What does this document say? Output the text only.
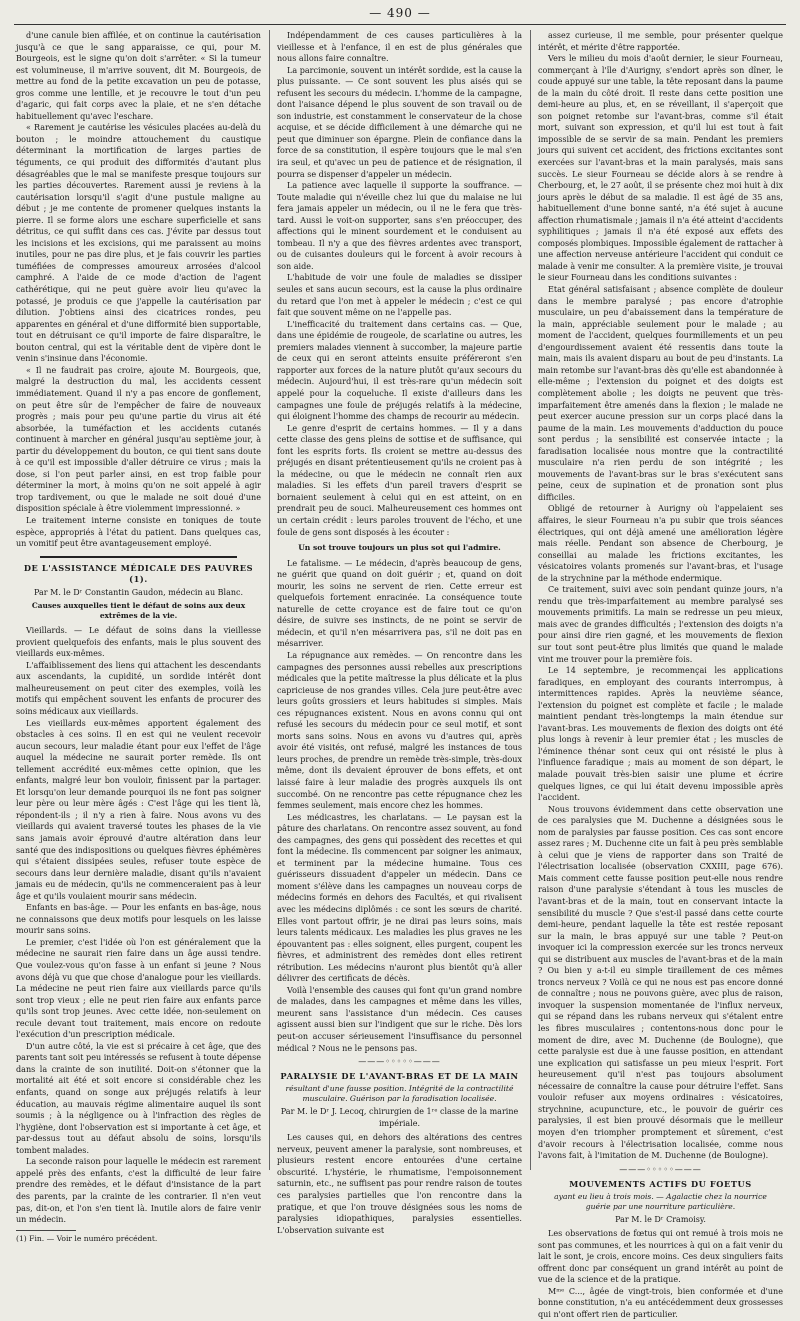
— 490 —

d'une canule bien affilée, et on continue la cautérisation jusqu'à ce que le sang apparaisse, ce qui, pour M. Bourgeois, est le signe qu'on doit s'arrêter. « Si la tumeur est volumineuse, il m'arrive souvent, dit M. Bourgeois, de mettre au fond de la petite excavation un peu de potasse, gros comme une lentille, et je recouvre le tout d'un peu d'agaric, qui fait corps avec la plaie, et ne s'en détache habituellement qu'avec l'eschare.

« Rarement je cautérise les vésicules placées au-delà du bouton ; le moindre attouchement du caustique déterminant la mortification de larges parties de téguments, ce qui produit des difformités d'autant plus désagréables que le mal se manifeste presque toujours sur les parties découvertes. Rarement aussi je reviens à la cautérisation lorsqu'il s'agit d'une pustule maligne au début ; je me contente de promener quelques instants la pierre. Il se forme alors une eschare superficielle et sans détritus, ce qui suffit dans ces cas. J'évite par dessus tout les incisions et les excisions, qui me paraissent au moins inutiles, pour ne pas dire plus, et je fais couvrir les parties tuméfiées de compresses amoureux arrosées d'alcool camphré. A l'aide de ce mode d'action de l'agent cathérétique, qui ne peut guère avoir lieu qu'avec la potassé, je produis ce que j'appelle la cautérisation par dilution. J'obtiens ainsi des cicatrices rondes, peu apparentes en général et d'une difformité bien supportable, tout en détruisant ce qu'il importe de faire disparaître, le bouton central, qui est la véritable dent de vipère dont le venin s'insinue dans l'économie.

« Il ne faudrait pas croire, ajoute M. Bourgeois, que, malgré la destruction du mal, les accidents cessent immédiatement. Quand il n'y a pas encore de gonflement, on peut être sûr de l'empêcher de faire de nouveaux progrès ; mais pour peu qu'une partie du virus ait été absorbée, la tuméfaction et les accidents cutanés continuent à marcher en général jusqu'au septième jour, à partir du développement du bouton, ce qui tient sans doute à ce qu'il est impossible d'aller détruire ce virus ; mais la dose, si l'on peut parler ainsi, en est trop faible pour déterminer la mort, à moins qu'on ne soit appelé à agir trop tardivement, ou que le malade ne soit doué d'une disposition spéciale à être violemment impressionné. »

Le traitement interne consiste en toniques de toute espèce, appropriés à l'état du patient. Dans quelques cas, un vomitif peut être avantageusement employé.

DE L'ASSISTANCE MÉDICALE DES PAUVRES (1).
Par M. le Dʳ Constantin Gaudon, médecin au Blanc.
Causes auxquelles tient le défaut de soins aux deux extrêmes de la vie.

Vieillards. — Le défaut de soins dans la vieillesse provient quelquefois des enfants, mais le plus souvent des vieillards eux-mêmes.

L'affaiblissement des liens qui attachent les descendants aux ascendants, la cupidité, un sordide intérêt dont malheureusement on peut citer des exemples, voilà les motifs qui empêchent souvent les enfants de procurer des soins médicaux aux vieillards.

Les vieillards eux-mêmes apportent également des obstacles à ces soins. Il en est qui ne veulent recevoir aucun secours, leur maladie étant pour eux l'effet de l'âge auquel la médecine ne saurait porter remède. Ils ont tellement accrédité eux-mêmes cette opinion, que les enfants, malgré leur bon vouloir, finissent par la partager. Et lorsqu'on leur demande pourquoi ils ne font pas soigner leur père ou leur mère âgés : C'est l'âge qui les tient là, répondent-ils ; il n'y a rien à faire. Nous avons vu des vieillards qui avaient traversé toutes les phases de la vie sans jamais avoir éprouvé d'autre altération dans leur santé que des indispositions ou quelques fièvres éphémères qui s'étaient dissipées seules, refuser toute espèce de secours dans leur dernière maladie, disant qu'ils n'avaient jamais eu de médecin, qu'ils ne commenceraient pas à leur âge et qu'ils voulaient mourir sans médecin.

Enfants en bas-âge. — Pour les enfants en bas-âge, nous ne connaissons que deux motifs pour lesquels on les laisse mourir sans soins.

Le premier, c'est l'idée où l'on est généralement que la médecine ne saurait rien faire dans un âge aussi tendre. Que voulez-vous qu'on fasse à un enfant si jeune ? Nous avons déjà vu que que chose d'analogue pour les vieillards. La médecine ne peut rien faire aux vieillards parce qu'ils sont trop vieux ; elle ne peut rien faire aux enfants parce qu'ils sont trop jeunes. Avec cette idée, non-seulement on recule devant tout traitement, mais encore on redoute l'exécution d'un prescription médicale.

D'un autre côté, la vie est si précaire à cet âge, que des parents tant soit peu intéressés se refusent à toute dépense dans la crainte de son inutilité. Doit-on s'étonner que la mortalité ait été et soit encore si considérable chez les enfants, quand on songe aux préjugés relatifs à leur éducation, au mauvais régime alimentaire auquel ils sont soumis ; à la négligence ou à l'infraction des règles de l'hygiène, dont l'observation est si importante à cet âge, et par-dessus tout au défaut absolu de soins, lorsqu'ils tombent malades.

La seconde raison pour laquelle le médecin est rarement appelé près des enfants, c'est la difficulté de leur faire prendre des remèdes, et le défaut d'insistance de la part des parents, par la crainte de les contrarier. Il n'en veut pas, dit-on, et l'on s'en tient là. Inutile alors de faire venir un médecin.

(1) Fin. — Voir le numéro précédent.

Indépendamment de ces causes particulières à la vieillesse et à l'enfance, il en est de plus générales que nous allons faire connaître.

La parcimonie, souvent un intérêt sordide, est la cause la plus puissante. — Ce sont souvent les plus aisés qui se refusent les secours du médecin. L'homme de la campagne, dont l'aisance dépend le plus souvent de son travail ou de son industrie, est constamment le conservateur de la chose acquise, et se décide difficilement à une démarche qui ne peut que diminuer son épargne. Plein de confiance dans la force de sa constitution, il espère toujours que le mal s'en ira seul, et qu'avec un peu de patience et de résignation, il pourra se dispenser d'appeler un médecin.

La patience avec laquelle il supporte la souffrance. — Toute maladie qui n'éveille chez lui que du malaise ne lui fera jamais appeler un médecin, ou il ne le fera que très-tard. Aussi le voit-on supporter, sans s'en préoccuper, des affections qui le minent sourdement et le conduisent au tombeau. Il n'y a que des fièvres ardentes avec transport, ou de cuisantes douleurs qui le forcent à avoir recours à son aide.

L'habitude de voir une foule de maladies se dissiper seules et sans aucun secours, est la cause la plus ordinaire du retard que l'on met à appeler le médecin ; c'est ce qui fait que souvent même on ne l'appelle pas.

L'inefficacité du traitement dans certains cas. — Que, dans une épidémie de rougeole, de scarlatine ou autres, les premiers malades viennent à succomber, la majeure partie de ceux qui en seront atteints ensuite préféreront s'en rapporter aux forces de la nature plutôt qu'aux secours du médecin. Aujourd'hui, il est très-rare qu'un médecin soit appelé pour la coqueluche. Il existe d'ailleurs dans les campagnes une foule de préjugés relatifs à la médecine, qui éloignent l'homme des champs de recourir au médecin.

Le genre d'esprit de certains hommes. — Il y a dans cette classe des gens pleins de sottise et de suffisance, qui font les esprits forts. Ils croient se mettre au-dessus des préjugés en disant prétentieusement qu'ils ne croient pas à la médecine, ou que le médecin ne connaît rien aux maladies. Si les effets d'un pareil travers d'esprit se bornaient seulement à celui qui en est atteint, on en prendrait peu de souci. Malheureusement ces hommes ont un certain crédit : leurs paroles trouvent de l'écho, et une foule de gens sont disposés à les écouter :

Un sot trouve toujours un plus sot qui l'admire.

Le fatalisme. — Le médecin, d'après beaucoup de gens, ne guérit que quand on doit guérir ; et, quand on doit mourir, les soins ne servent de rien. Cette erreur est quelquefois fortement enracinée. La conséquence toute naturelle de cette croyance est de faire tout ce qu'on désire, de suivre ses instincts, de ne point se servir de médecin, et qu'il n'en mésarrivera pas, s'il ne doit pas en mésarriver.

La répugnance aux remèdes. — On rencontre dans les campagnes des personnes aussi rebelles aux prescriptions médicales que la petite maîtresse la plus délicate et la plus capricieuse de nos grandes villes. Cela jure peut-être avec leurs goûts grossiers et leurs habitudes si simples. Mais ces répugnances existent. Nous en avons connu qui ont refusé les secours du médecin pour ce seul motif, et sont morts sans soins. Nous en avons vu d'autres qui, après avoir été visités, ont refusé, malgré les instances de tous leurs proches, de prendre un remède très-simple, très-doux même, dont ils devaient éprouver de bons effets, et ont laissé faire à leur maladie des progrès auxquels ils ont succombé. On ne rencontre pas cette répugnance chez les femmes seulement, mais encore chez les hommes.

Les médicastres, les charlatans. — Le paysan est la pâture des charlatans. On rencontre assez souvent, au fond des campagnes, des gens qui possèdent des recettes et qui font la médecine. Ils commencent par soigner les animaux, et terminent par la médecine humaine. Tous ces guérisseurs dissuadent d'appeler un médecin. Dans ce moment s'élève dans les campagnes un nouveau corps de médecins formés en dehors des Facultés, et qui rivalisent avec les médecins diplômés : ce sont les sœurs de charité. Elles vont partout offrir, je ne dirai pas leurs soins, mais leurs talents médicaux. Les maladies les plus graves ne les épouvantent pas : elles soignent, elles purgent, coupent les fièvres, et administrent des remèdes dont elles retirent rétribution. Les médecins n'auront plus bientôt qu'à aller délivrer des certificats de décès.

Voilà l'ensemble des causes qui font qu'un grand nombre de malades, dans les campagnes et même dans les villes, meurent sans l'assistance d'un médecin. Ces causes agissent aussi bien sur l'indigent que sur le riche. Dès lors peut-on accuser sérieusement l'insuffisance du personnel médical ? Nous ne le pensons pas.

———◦◦◦◦◦———
PARALYSIE DE L'AVANT-BRAS ET DE LA MAIN
résultant d'une fausse position. Intégrité de la contractilité musculaire. Guérison par la faradisation localisée.
Par M. le Dʳ J. Lecoq, chirurgien de 1ʳᵉ classe de la marine impériale.

Les causes qui, en dehors des altérations des centres nerveux, peuvent amener la paralysie, sont nombreuses, et plusieurs restent encore entourées d'une certaine obscurité. L'hystérie, le rhumatisme, l'empoisonnement saturnin, etc., ne suffisent pas pour rendre raison de toutes ces paralysies partielles que l'on rencontre dans la pratique, et que l'on trouve désignées sous les noms de paralysies idiopathiques, paralysies essentielles. L'observation suivante est

assez curieuse, il me semble, pour présenter quelque intérêt, et mérite d'être rapportée.

Vers le milieu du mois d'août dernier, le sieur Fourneau, commerçant à l'île d'Aurigny, s'endort après son dîner, le coude appuyé sur une table, la tête reposant dans la paume de la main du côté droit. Il reste dans cette position une demi-heure au plus, et, en se réveillant, il s'aperçoit que son poignet retombe sur l'avant-bras, comme s'il était mort, suivant son expression, et qu'il lui est tout à fait impossible de se servir de sa main. Pendant les premiers jours qui suivent cet accident, des frictions excitantes sont exercées sur l'avant-bras et la main paralysés, mais sans succès. Le sieur Fourneau se décide alors à se rendre à Cherbourg, et, le 27 août, il se présente chez moi huit à dix jours après le début de sa maladie. Il est âgé de 35 ans, habituellement d'une bonne santé, n'a été sujet à aucune affection rhumatismale ; jamais il n'a été atteint d'accidents syphilitiques ; jamais il n'a été exposé aux effets des composés plombiques. Impossible également de rattacher à une affection nerveuse antérieure l'accident qui conduit ce malade à venir me consulter. A la première visite, je trouvai le sieur Fourneau dans les conditions suivantes :

Etat général satisfaisant ; absence complète de douleur dans le membre paralysé ; pas encore d'atrophie musculaire, un peu d'abaissement dans la température de la main, appréciable seulement pour le malade ; au moment de l'accident, quelques fourmillements et un peu d'engourdissement avaient été ressentis dans toute la main, mais ils avaient disparu au bout de peu d'instants. La main retombe sur l'avant-bras dès qu'elle est abandonnée à elle-même ; l'extension du poignet et des doigts est complètement abolie ; les doigts ne peuvent que très-imparfaitement être amenés dans la flexion ; le malade ne peut exercer aucune pression sur un corps placé dans la paume de la main. Les mouvements d'adduction du pouce sont perdus ; la sensibilité est conservée intacte ; la faradisation localisée nous montre que la contractilité musculaire n'a rien perdu de son intégrité ; les mouvements de l'avant-bras sur le bras s'exécutent sans peine, ceux de supination et de pronation sont plus difficiles.

Obligé de retourner à Aurigny où l'appelaient ses affaires, le sieur Fourneau n'a pu subir que trois séances électriques, qui ont déjà amené une amélioration légère mais réelle. Pendant son absence de Cherbourg, je conseillai au malade les frictions excitantes, les vésicatoires volants promenés sur l'avant-bras, et l'usage de la strychnine par la méthode endermique.

Ce traitement, suivi avec soin pendant quinze jours, n'a rendu que très-imparfaitement au membre paralysé ses mouvements primitifs. La main se redresse un peu mieux, mais avec de grandes difficultés ; l'extension des doigts n'a pour ainsi dire rien gagné, et les mouvements de flexion sur tout sont peut-être plus limités que quand le malade vint me trouver pour la première fois.

Le 14 septembre, je recommençai les applications faradiques, en employant des courants interrompus, à intermittences rapides. Après la neuvième séance, l'extension du poignet est complète et facile ; le malade maintient pendant très-longtemps la main étendue sur l'avant-bras. Les mouvements de flexion des doigts ont été plus longs à revenir à leur premier état ; les muscles de l'éminence thénar sont ceux qui ont résisté le plus à l'influence faradique ; mais au moment de son départ, le malade pouvait très-bien saisir une plume et écrire quelques lignes, ce qui lui était devenu impossible après l'accident.

Nous trouvons évidemment dans cette observation une de ces paralysies que M. Duchenne a désignées sous le nom de paralysies par fausse position. Ces cas sont encore assez rares ; M. Duchenne cite un fait à peu près semblable à celui que je viens de rapporter dans son Traité de l'électrisation localisée (observation CXXIII, page 676). Mais comment cette fausse position peut-elle nous rendre raison d'une paralysie s'étendant à tous les muscles de l'avant-bras et de la main, tout en conservant intacte la sensibilité du muscle ? Que s'est-il passé dans cette courte demi-heure, pendant laquelle la tête est restée reposant sur la main, le bras appuyé sur une table ? Peut-on invoquer ici la compression exercée sur les troncs nerveux qui se distribuent aux muscles de l'avant-bras et de la main ? Ou bien y a-t-il eu simple tiraillement de ces mêmes troncs nerveux ? Voilà ce qui ne nous est pas encore donné de connaître ; nous ne pouvons guère, avec plus de raison, invoquer la suspension momentanée de l'influx nerveux, qui se répand dans les rubans nerveux qui s'étalent entre les fibres musculaires ; contentons-nous donc pour le moment de dire, avec M. Duchenne (de Boulogne), que cette paralysie est due à une fausse position, en attendant une explication qui satisfasse un peu mieux l'esprit. Fort heureusement qu'il n'est pas toujours absolument nécessaire de connaître la cause pour détruire l'effet. Sans vouloir refuser aux moyens ordinaires : vésicatoires, strychnine, acupuncture, etc., le pouvoir de guérir ces paralysies, il est bien prouvé désormais que le meilleur moyen d'en triompher promptement et sûrement, c'est d'avoir recours à l'électrisation localisée, comme nous l'avons fait, à l'imitation de M. Duchenne (de Boulogne).

———◦◦◦◦◦———
MOUVEMENTS ACTIFS DU FOETUS
ayant eu lieu à trois mois. — Agalactie chez la nourrice guérie par une nourriture particulière.
Par M. le Dʳ Cramoisy.

Les observations de fœtus qui ont remué à trois mois ne sont pas communes, et les nourrices à qui on a fait venir du lait le sont, je crois, encore moins. Ces deux singuliers faits offrent donc par conséquent un grand intérêt au point de vue de la science et de la pratique.

Mᵐᵉ C..., âgée de vingt-trois, bien conformée et d'une bonne constitution, n'a eu antécédemment deux grossesses qui n'ont offert rien de particulier.
